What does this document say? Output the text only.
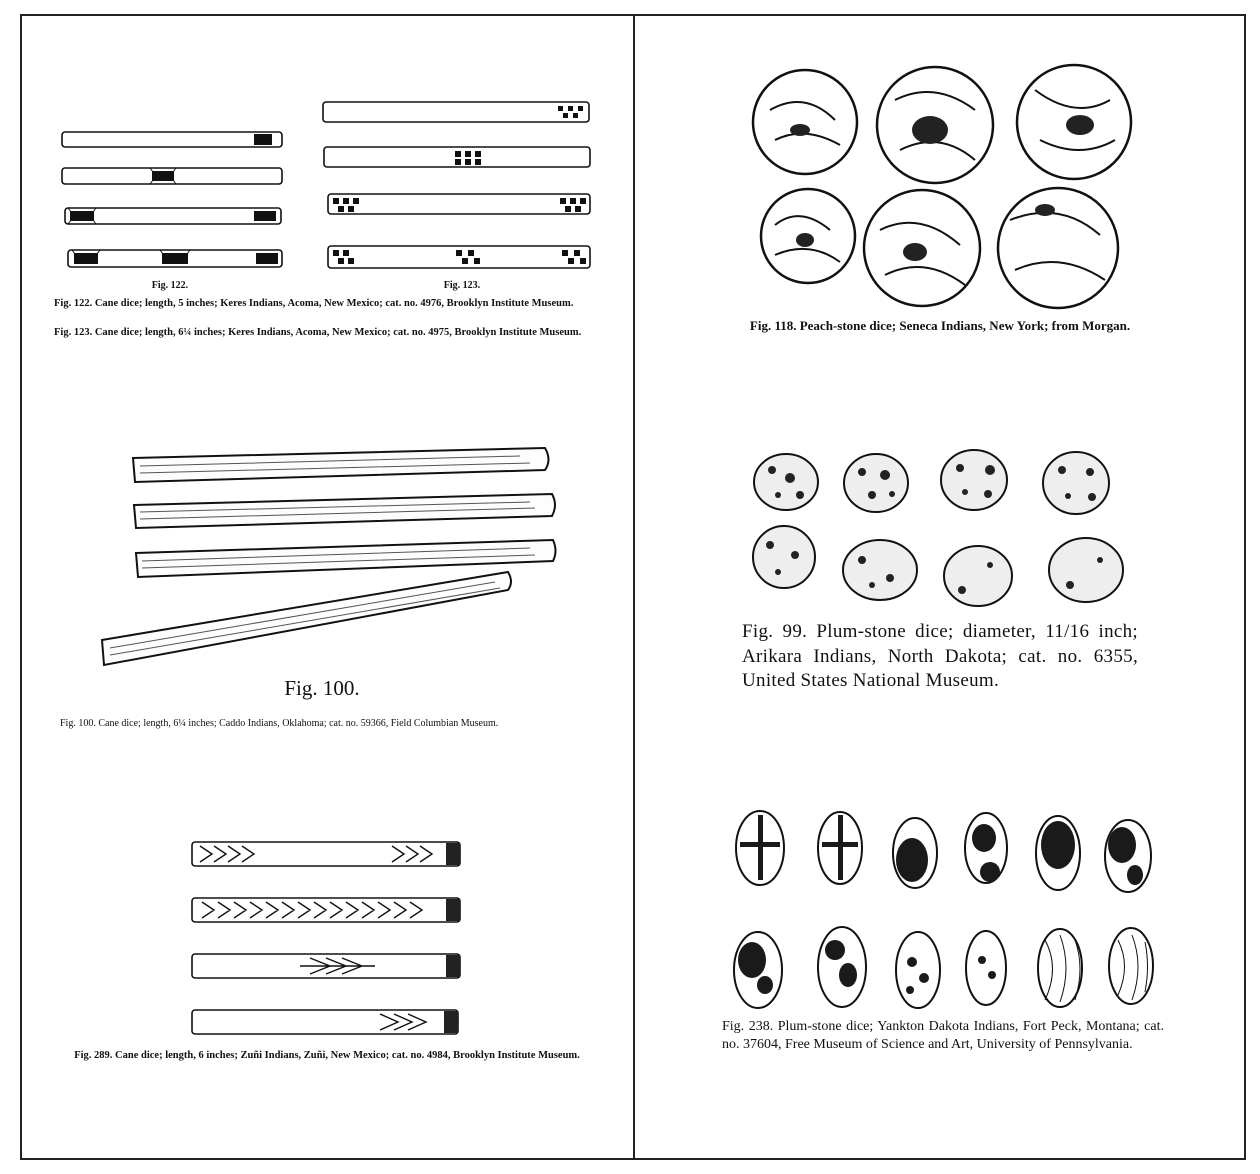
Fig. 122.	Fig. 123.

Fig. 122. Cane dice; length, 5 inches; Keres Indians, Acoma, New Mexico; cat. no. 4976, Brooklyn Institute Museum.

Fig. 123. Cane dice; length, 6¼ inches; Keres Indians, Acoma, New Mexico; cat. no. 4975, Brooklyn Institute Museum.

Fig. 100.

Fig. 100. Cane dice; length, 6¼ inches; Caddo Indians, Oklahoma; cat. no. 59366, Field Columbian Museum.

Fig. 289. Cane dice; length, 6 inches; Zuñi Indians, Zuñi, New Mexico; cat. no. 4984, Brooklyn Institute Museum.

Fig. 118. Peach-stone dice; Seneca Indians, New York; from Morgan.

Fig. 99. Plum-stone dice; diameter, 11/16 inch; Arikara Indians, North Dakota; cat. no. 6355, United States National Museum.

Fig. 238. Plum-stone dice; Yankton Dakota Indians, Fort Peck, Montana; cat. no. 37604, Free Museum of Science and Art, University of Pennsylvania.
